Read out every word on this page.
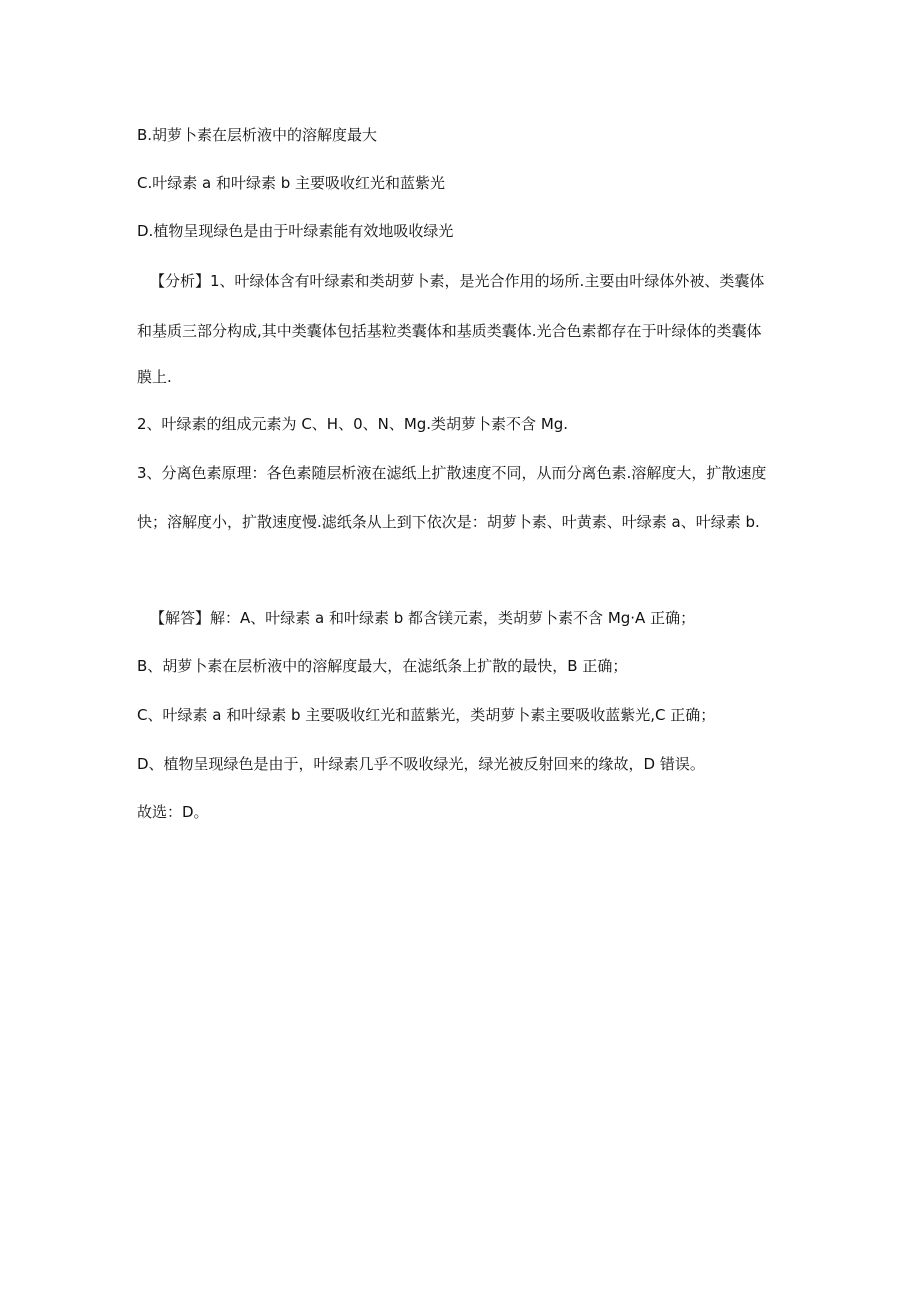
B.胡萝卜素在层析液中的溶解度最大
C.叶绿素 a 和叶绿素 b 主要吸收红光和蓝紫光
D.植物呈现绿色是由于叶绿素能有效地吸收绿光
【分析】1、叶绿体含有叶绿素和类胡萝卜素，是光合作用的场所.主要由叶绿体外被、类囊体
和基质三部分构成,其中类囊体包括基粒类囊体和基质类囊体.光合色素都存在于叶绿体的类囊体
膜上.
2、叶绿素的组成元素为 C、H、0、N、Mg.类胡萝卜素不含 Mg.
3、分离色素原理：各色素随层析液在滤纸上扩散速度不同，从而分离色素.溶解度大，扩散速度
快；溶解度小，扩散速度慢.滤纸条从上到下依次是：胡萝卜素、叶黄素、叶绿素 a、叶绿素 b.
【解答】解：A、叶绿素 a 和叶绿素 b 都含镁元素，类胡萝卜素不含 Mg·A 正确；
B、胡萝卜素在层析液中的溶解度最大，在滤纸条上扩散的最快，B 正确；
C、叶绿素 a 和叶绿素 b 主要吸收红光和蓝紫光，类胡萝卜素主要吸收蓝紫光,C 正确；
D、植物呈现绿色是由于，叶绿素几乎不吸收绿光，绿光被反射回来的缘故，D 错误。
故选：D。
